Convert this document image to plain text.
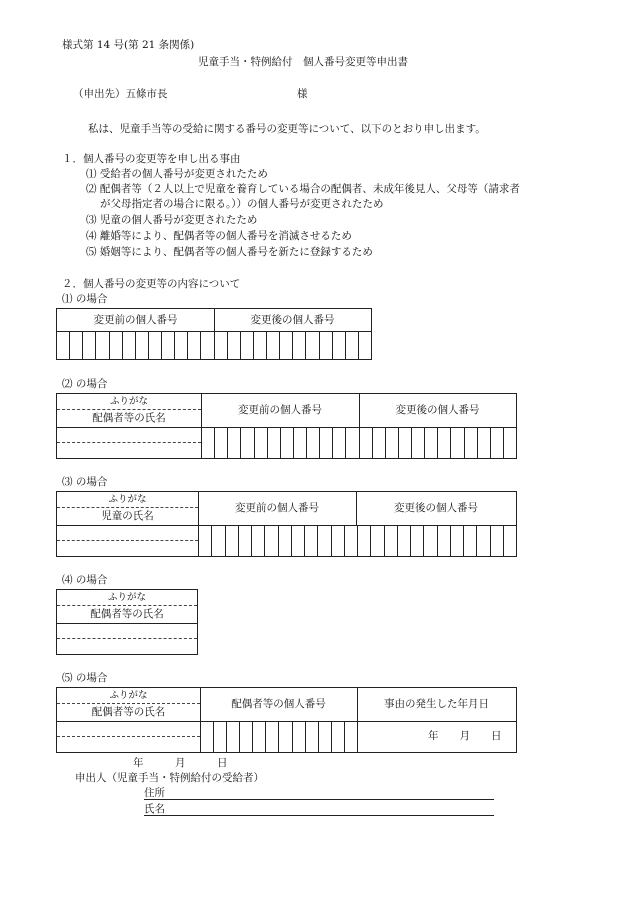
様式第 14 号(第 21 条関係)
児童手当・特例給付　個人番号変更等申出書
（申出先）五條市長	様
私は、児童手当等の受給に関する番号の変更等について、以下のとおり申し出ます。
１．個人番号の変更等を申し出る事由
⑴ 受給者の個人番号が変更されたため
⑵ 配偶者等（２人以上で児童を養育している場合の配偶者、未成年後見人、父母等（請求者
が父母指定者の場合に限る。））の個人番号が変更されたため
⑶ 児童の個人番号が変更されたため
⑷ 離婚等により、配偶者等の個人番号を消滅させるため
⑸ 婚姻等により、配偶者等の個人番号を新たに登録するため
２．個人番号の変更等の内容について
⑴ の場合
変更前の個人番号	変更後の個人番号
⑵ の場合
ふりがな
配偶者等の氏名
変更前の個人番号	変更後の個人番号
⑶ の場合
ふりがな
児童の氏名
変更前の個人番号	変更後の個人番号
⑷ の場合
ふりがな
配偶者等の氏名
⑸ の場合
ふりがな
配偶者等の氏名
配偶者等の個人番号	事由の発生した年月日
年　　月　　日
年　　　月　　　日
申出人（児童手当・特例給付の受給者）
住所
氏名
